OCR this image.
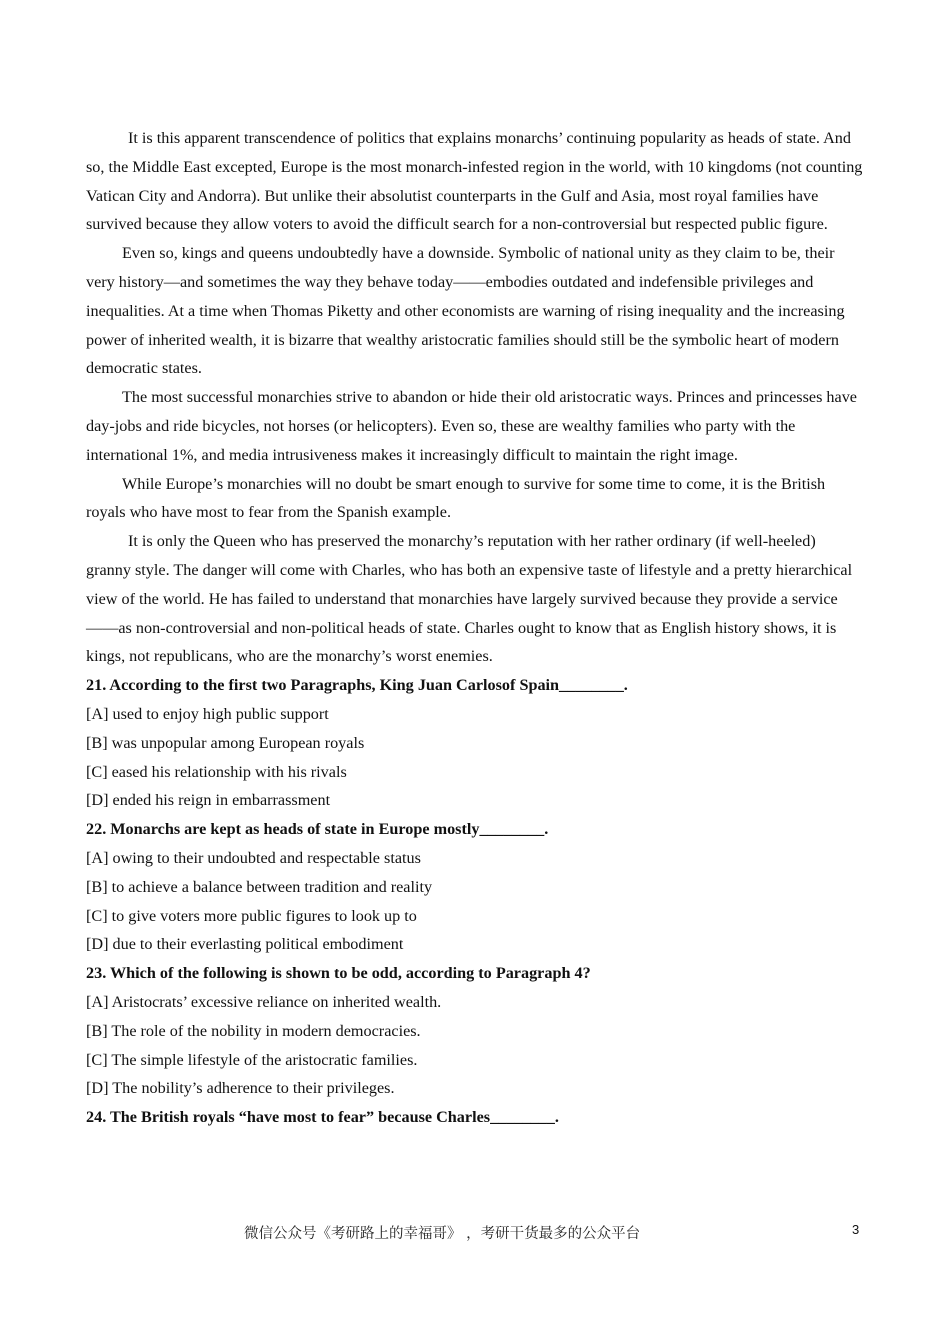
It is this apparent transcendence of politics that explains monarchs’ continuing popularity as heads of state. And so, the Middle East excepted, Europe is the most monarch-infested region in the world, with 10 kingdoms (not counting Vatican City and Andorra). But unlike their absolutist counterparts in the Gulf and Asia, most royal families have survived because they allow voters to avoid the difficult search for a non-controversial but respected public figure.

Even so, kings and queens undoubtedly have a downside. Symbolic of national unity as they claim to be, their very history—and sometimes the way they behave today——embodies outdated and indefensible privileges and inequalities. At a time when Thomas Piketty and other economists are warning of rising inequality and the increasing power of inherited wealth, it is bizarre that wealthy aristocratic families should still be the symbolic heart of modern democratic states.

The most successful monarchies strive to abandon or hide their old aristocratic ways. Princes and princesses have day-jobs and ride bicycles, not horses (or helicopters). Even so, these are wealthy families who party with the international 1%, and media intrusiveness makes it increasingly difficult to maintain the right image.

While Europe’s monarchies will no doubt be smart enough to survive for some time to come, it is the British royals who have most to fear from the Spanish example.

It is only the Queen who has preserved the monarchy’s reputation with her rather ordinary (if well-heeled) granny style. The danger will come with Charles, who has both an expensive taste of lifestyle and a pretty hierarchical view of the world. He has failed to understand that monarchies have largely survived because they provide a service——as non-controversial and non-political heads of state. Charles ought to know that as English history shows, it is kings, not republicans, who are the monarchy’s worst enemies.

21. According to the first two Paragraphs, King Juan Carlosof Spain________.

[A] used to enjoy high public support

[B] was unpopular among European royals

[C] eased his relationship with his rivals

[D] ended his reign in embarrassment

22. Monarchs are kept as heads of state in Europe mostly________.

[A] owing to their undoubted and respectable status

[B] to achieve a balance between tradition and reality

[C] to give voters more public figures to look up to

[D] due to their everlasting political embodiment

23. Which of the following is shown to be odd, according to Paragraph 4?

[A] Aristocrats’ excessive reliance on inherited wealth.

[B] The role of the nobility in modern democracies.

[C] The simple lifestyle of the aristocratic families.

[D] The nobility’s adherence to their privileges.

24. The British royals “have most to fear” because Charles________.

微信公众号《考研路上的幸福哥》 ，考研干货最多的公众平台	3
